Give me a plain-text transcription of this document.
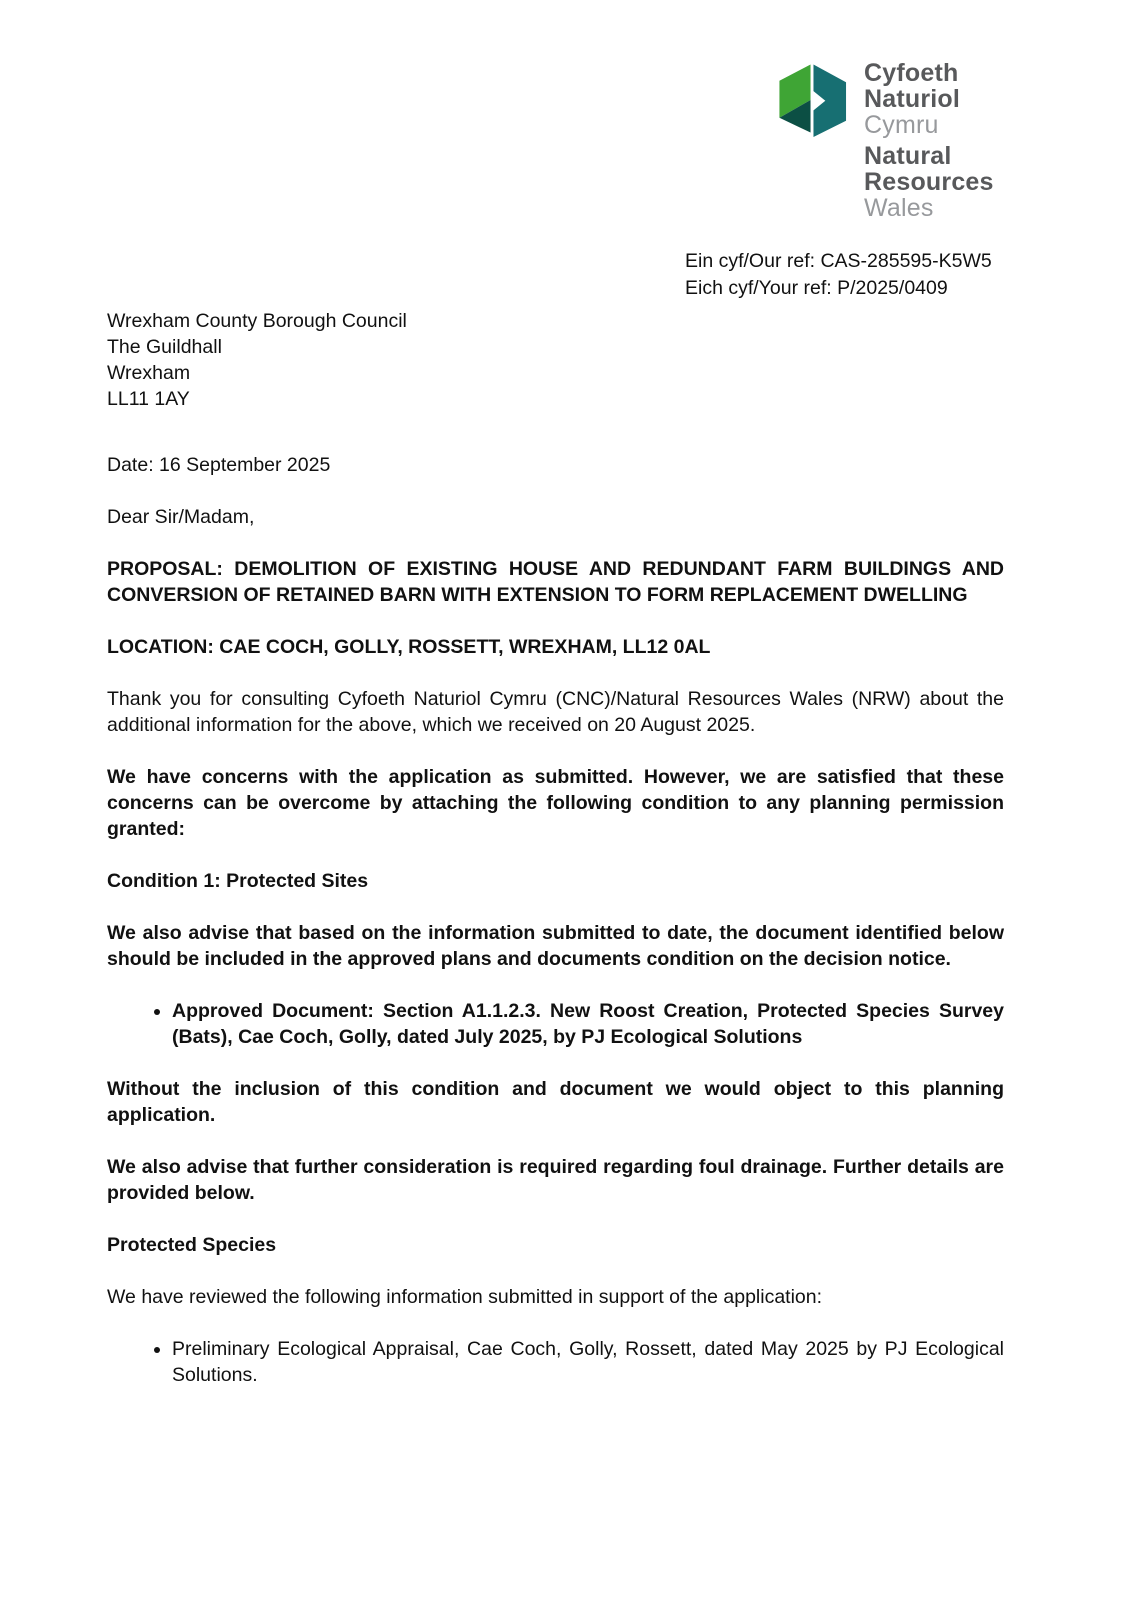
Cyfoeth
Naturiol
Cymru
Natural
Resources
Wales
Ein cyf/Our ref: CAS-285595-K5W5
Eich cyf/Your ref: P/2025/0409
Wrexham County Borough Council
The Guildhall
Wrexham
LL11 1AY
Date: 16 September 2025
Dear Sir/Madam,
PROPOSAL: DEMOLITION OF EXISTING HOUSE AND REDUNDANT FARM BUILDINGS AND CONVERSION OF RETAINED BARN WITH EXTENSION TO FORM REPLACEMENT DWELLING
LOCATION: CAE COCH, GOLLY, ROSSETT, WREXHAM, LL12 0AL
Thank you for consulting Cyfoeth Naturiol Cymru (CNC)/Natural Resources Wales (NRW) about the additional information for the above, which we received on 20 August 2025.
We have concerns with the application as submitted. However, we are satisfied that these concerns can be overcome by attaching the following condition to any planning permission granted:
Condition 1: Protected Sites
We also advise that based on the information submitted to date, the document identified below should be included in the approved plans and documents condition on the decision notice.
• Approved Document: Section A1.1.2.3. New Roost Creation, Protected Species Survey (Bats), Cae Coch, Golly, dated July 2025, by PJ Ecological Solutions
Without the inclusion of this condition and document we would object to this planning application.
We also advise that further consideration is required regarding foul drainage. Further details are provided below.
Protected Species
We have reviewed the following information submitted in support of the application:
• Preliminary Ecological Appraisal, Cae Coch, Golly, Rossett, dated May 2025 by PJ Ecological Solutions.
